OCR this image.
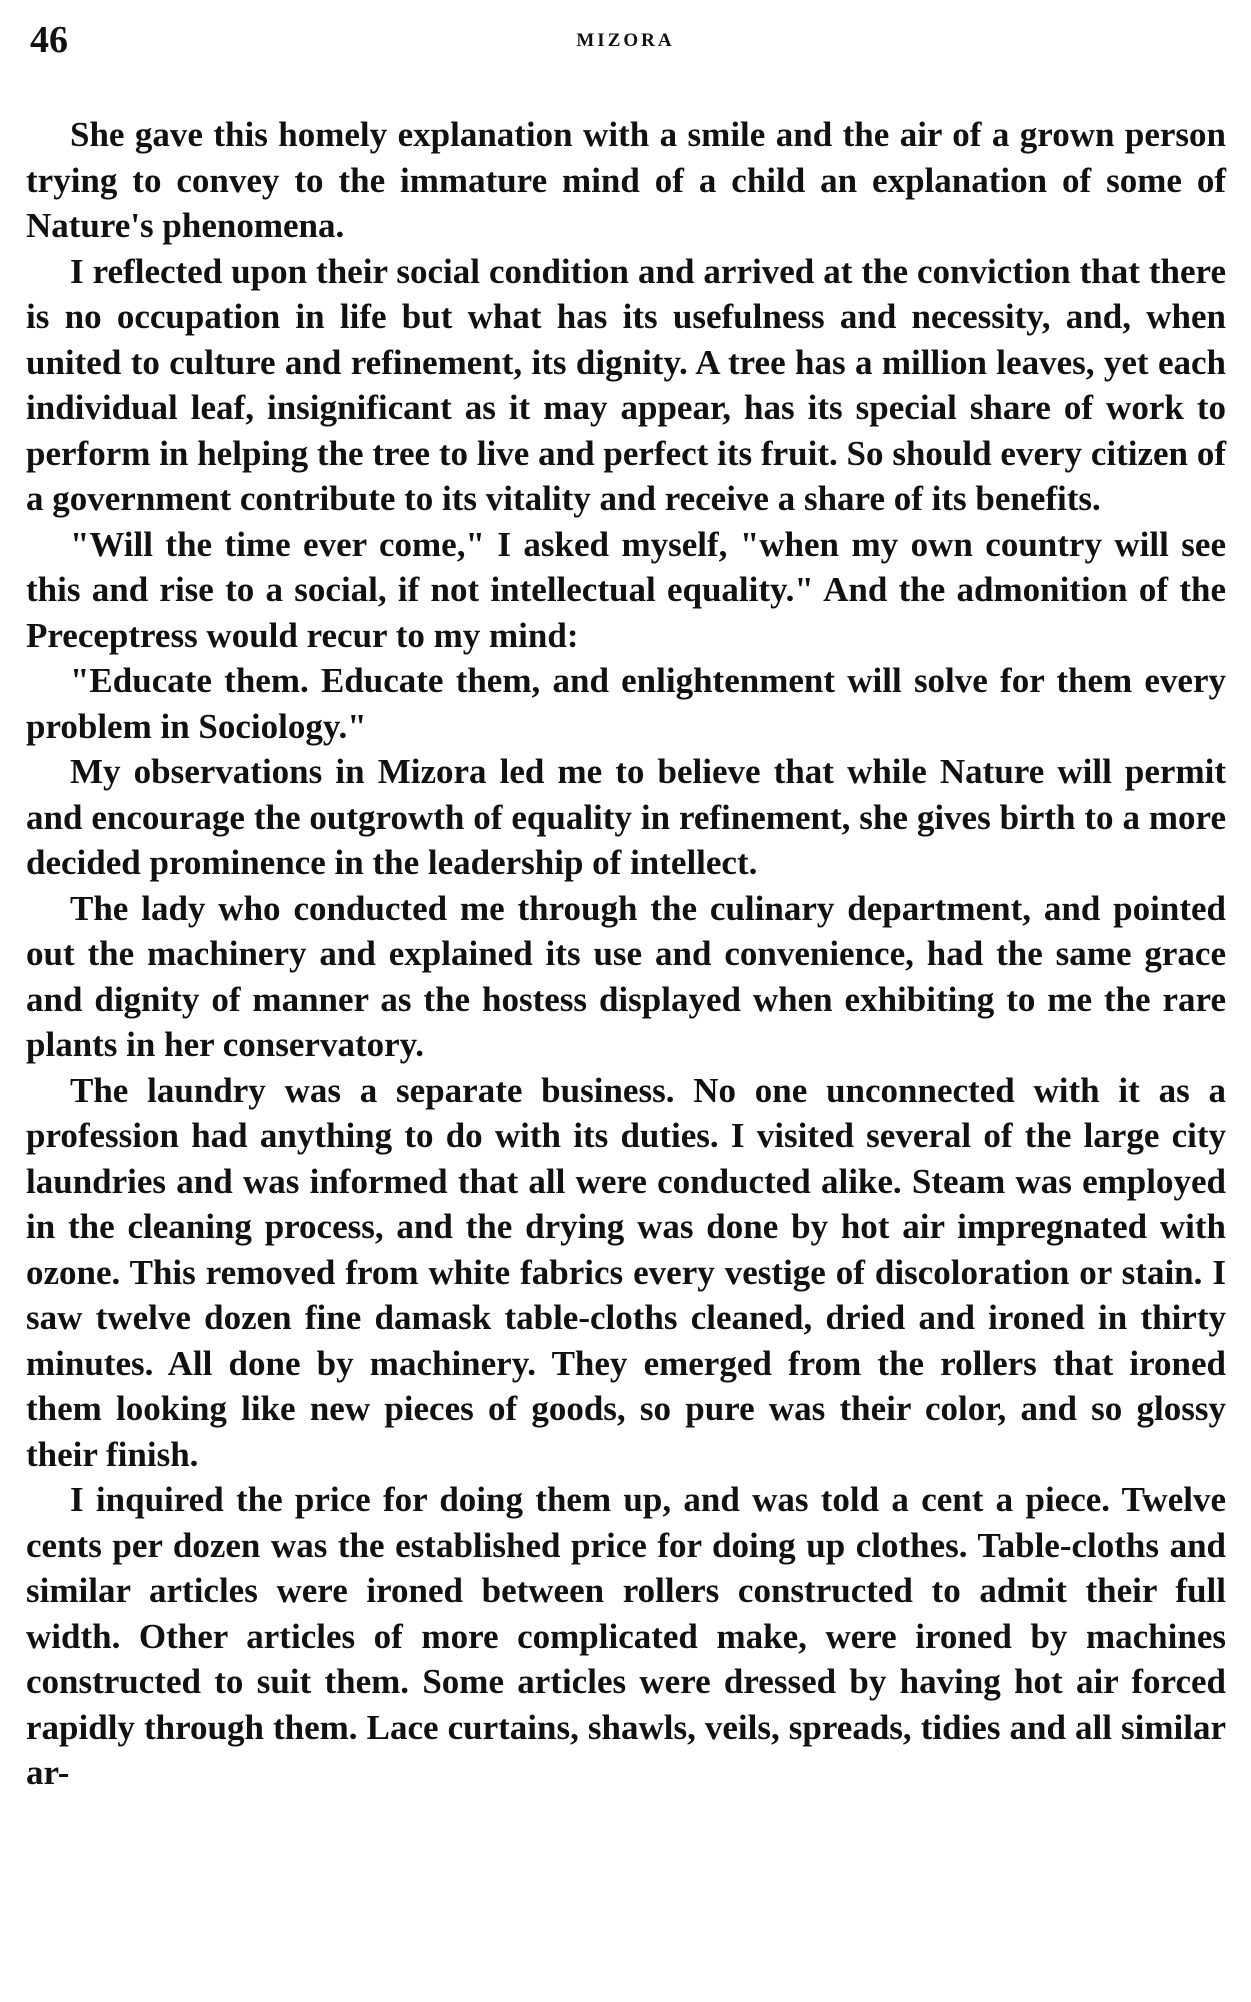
46	MIZORA

She gave this homely explanation with a smile and the air of a grown person trying to convey to the immature mind of a child an explanation of some of Nature's phenomena.

I reflected upon their social condition and arrived at the conviction that there is no occupation in life but what has its usefulness and necessity, and, when united to culture and refinement, its dignity. A tree has a million leaves, yet each individual leaf, insignificant as it may appear, has its special share of work to perform in helping the tree to live and perfect its fruit. So should every citizen of a government contribute to its vitality and receive a share of its benefits.

"Will the time ever come," I asked myself, "when my own country will see this and rise to a social, if not intellectual equality." And the admonition of the Preceptress would recur to my mind:

"Educate them. Educate them, and enlightenment will solve for them every problem in Sociology."

My observations in Mizora led me to believe that while Nature will permit and encourage the outgrowth of equality in refinement, she gives birth to a more decided prominence in the leadership of intellect.

The lady who conducted me through the culinary department, and pointed out the machinery and explained its use and convenience, had the same grace and dignity of manner as the hostess displayed when exhibiting to me the rare plants in her conservatory.

The laundry was a separate business. No one unconnected with it as a profession had anything to do with its duties. I visited several of the large city laundries and was informed that all were conducted alike. Steam was employed in the cleaning process, and the drying was done by hot air impregnated with ozone. This removed from white fabrics every vestige of discoloration or stain. I saw twelve dozen fine damask table-cloths cleaned, dried and ironed in thirty minutes. All done by machinery. They emerged from the rollers that ironed them looking like new pieces of goods, so pure was their color, and so glossy their finish.

I inquired the price for doing them up, and was told a cent a piece. Twelve cents per dozen was the established price for doing up clothes. Table-cloths and similar articles were ironed between rollers constructed to admit their full width. Other articles of more complicated make, were ironed by machines constructed to suit them. Some articles were dressed by having hot air forced rapidly through them. Lace curtains, shawls, veils, spreads, tidies and all similar ar-
